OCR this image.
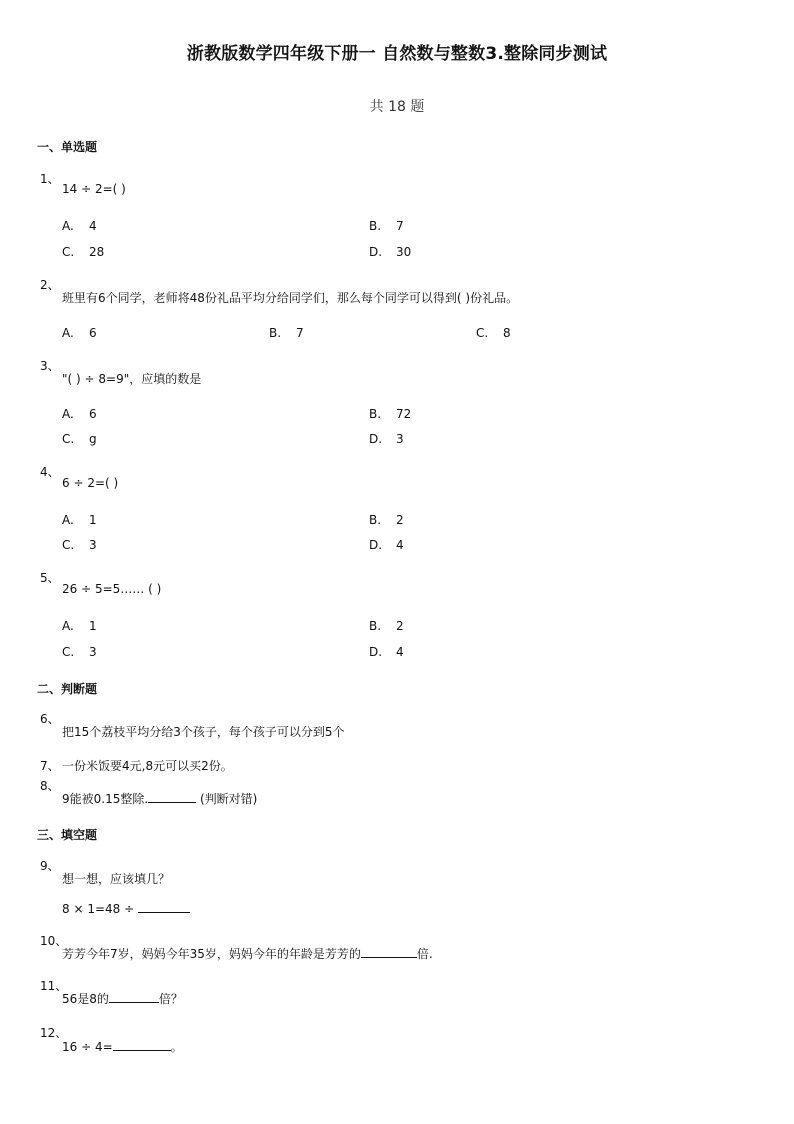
浙教版数学四年级下册一 自然数与整数3.整除同步测试
共 18 题
一、单选题
1、
14 ÷ 2=( )
A. 4	B. 7
C. 28	D. 30
2、
班里有6个同学，老师将48份礼品平均分给同学们，那么每个同学可以得到( )份礼品。
A. 6	B. 7	C. 8
3、
"( ) ÷ 8=9"，应填的数是
A. 6	B. 72
C. g	D. 3
4、
6 ÷ 2=( )
A. 1	B. 2
C. 3	D. 4
5、
26 ÷ 5=5…… ( )
A. 1	B. 2
C. 3	D. 4
二、判断题
6、
把15个荔枝平均分给3个孩子，每个孩子可以分到5个
7、 一份米饭要4元,8元可以买2份。
8、
9能被0.15整除.	(判断对错)
三、填空题
9、
想一想，应该填几？
8 × 1=48 ÷
10、
芳芳今年7岁，妈妈今年35岁，妈妈今年的年龄是芳芳的	倍.
11、
56是8的	倍？
12、
16 ÷ 4=	。
